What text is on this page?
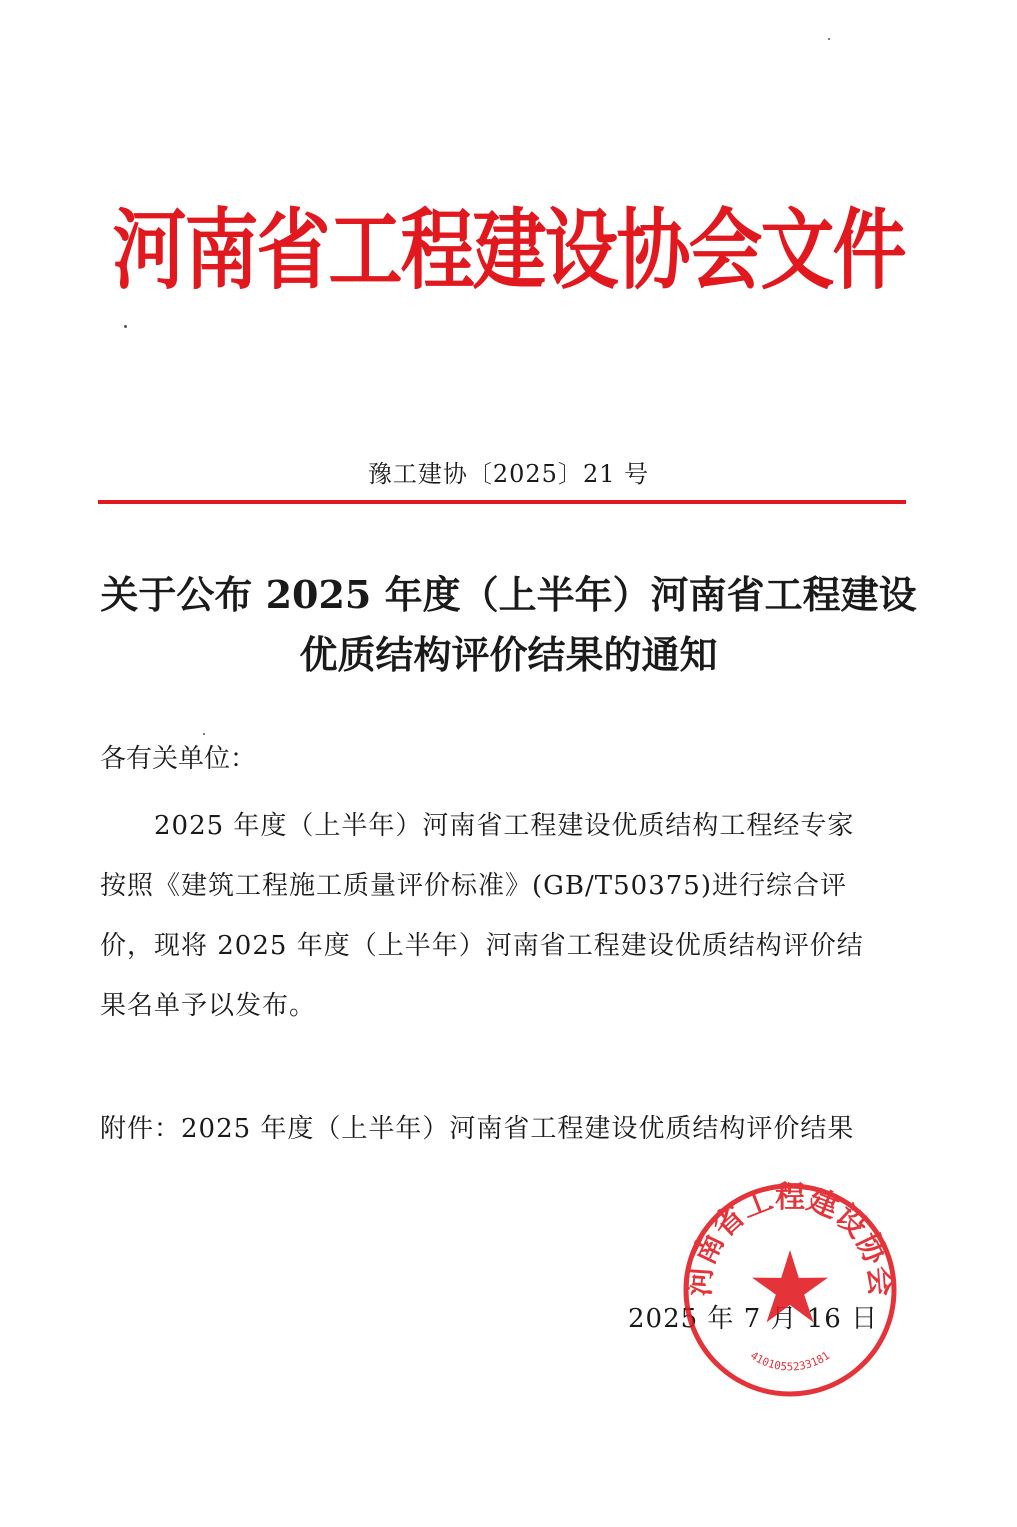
河南省工程建设协会文件
豫工建协〔2025〕21 号
关于公布 2025 年度（上半年）河南省工程建设
优质结构评价结果的通知
各有关单位：
　　2025 年度（上半年）河南省工程建设优质结构工程经专家
按照《建筑工程施工质量评价标准》(GB/T50375)进行综合评
价，现将 2025 年度（上半年）河南省工程建设优质结构评价结
果名单予以发布。
附件：2025 年度（上半年）河南省工程建设优质结构评价结果
2025 年 7 月 16 日
河南省工程建设协会
4101055233181
